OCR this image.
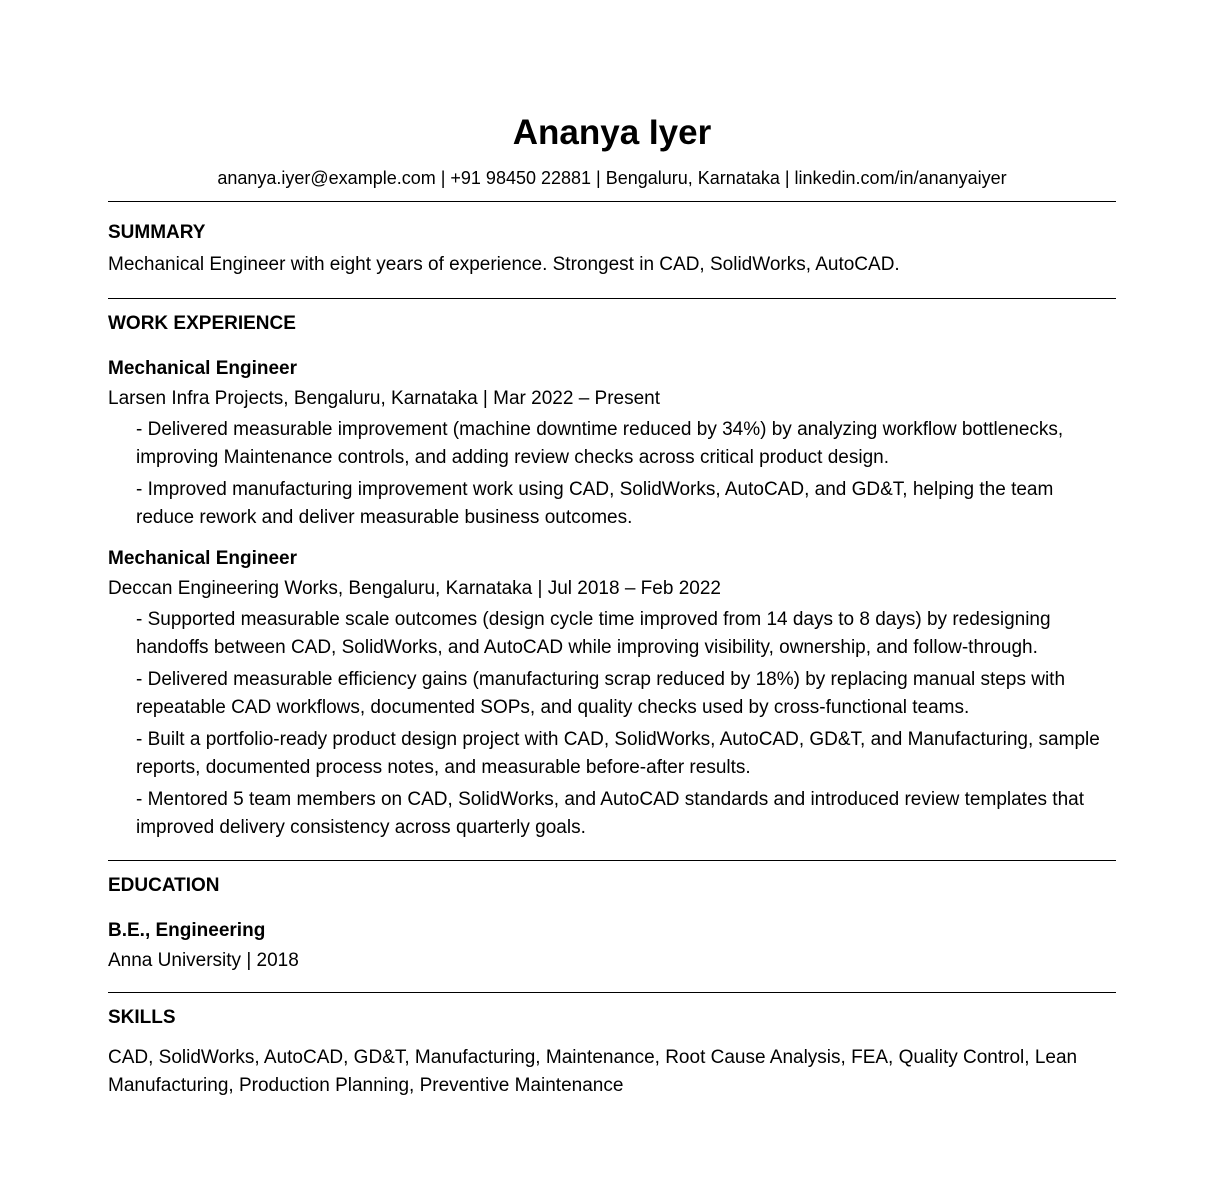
Ananya Iyer
ananya.iyer@example.com | +91 98450 22881 | Bengaluru, Karnataka | linkedin.com/in/ananyaiyer
SUMMARY
Mechanical Engineer with eight years of experience. Strongest in CAD, SolidWorks, AutoCAD.
WORK EXPERIENCE
Mechanical Engineer
Larsen Infra Projects, Bengaluru, Karnataka | Mar 2022 – Present
- Delivered measurable improvement (machine downtime reduced by 34%) by analyzing workflow bottlenecks, improving Maintenance controls, and adding review checks across critical product design.
- Improved manufacturing improvement work using CAD, SolidWorks, AutoCAD, and GD&T, helping the team reduce rework and deliver measurable business outcomes.
Mechanical Engineer
Deccan Engineering Works, Bengaluru, Karnataka | Jul 2018 – Feb 2022
- Supported measurable scale outcomes (design cycle time improved from 14 days to 8 days) by redesigning handoffs between CAD, SolidWorks, and AutoCAD while improving visibility, ownership, and follow-through.
- Delivered measurable efficiency gains (manufacturing scrap reduced by 18%) by replacing manual steps with repeatable CAD workflows, documented SOPs, and quality checks used by cross-functional teams.
- Built a portfolio-ready product design project with CAD, SolidWorks, AutoCAD, GD&T, and Manufacturing, sample reports, documented process notes, and measurable before-after results.
- Mentored 5 team members on CAD, SolidWorks, and AutoCAD standards and introduced review templates that improved delivery consistency across quarterly goals.
EDUCATION
B.E., Engineering
Anna University | 2018
SKILLS
CAD, SolidWorks, AutoCAD, GD&T, Manufacturing, Maintenance, Root Cause Analysis, FEA, Quality Control, Lean Manufacturing, Production Planning, Preventive Maintenance
